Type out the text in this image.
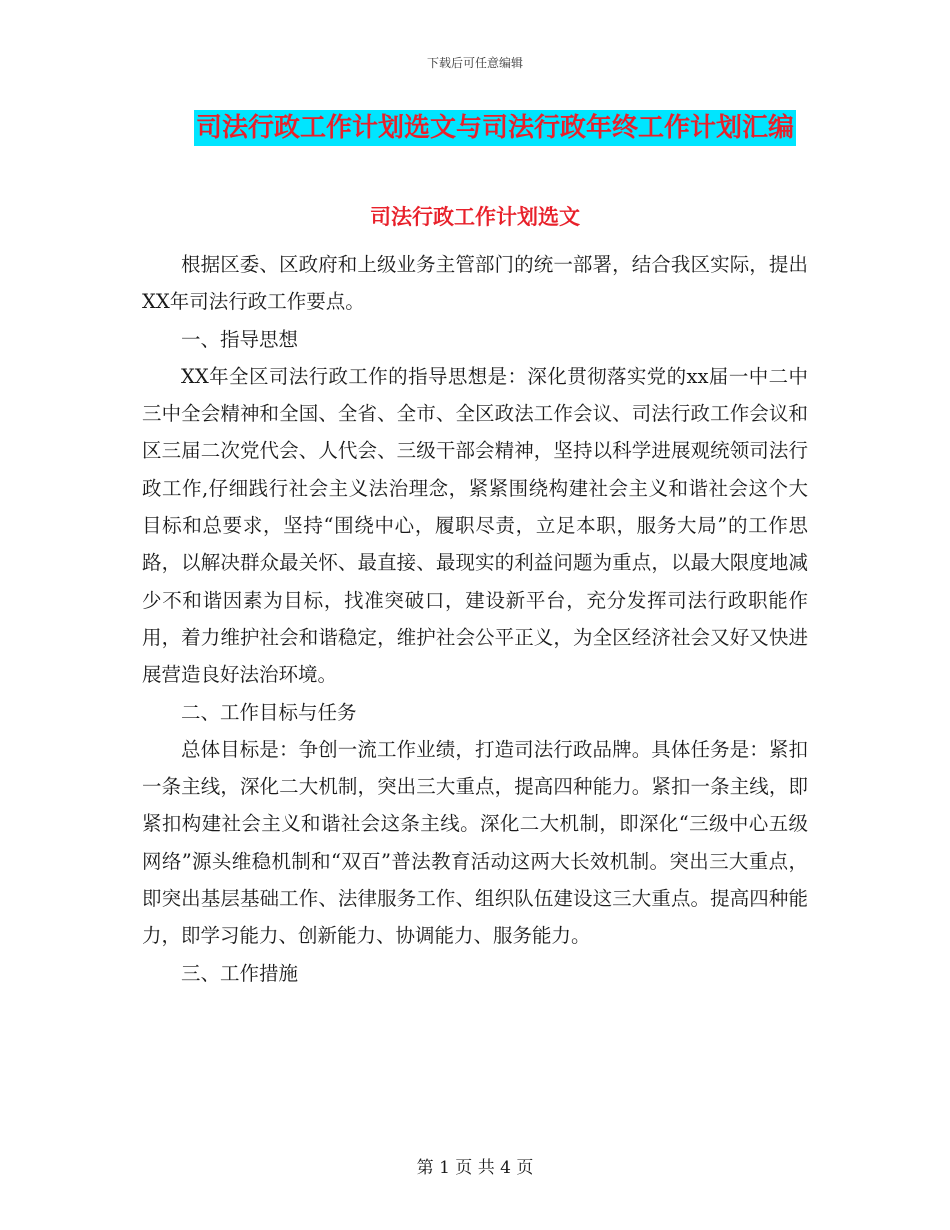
下载后可任意编辑
司法行政工作计划选文与司法行政年终工作计划汇编
司法行政工作计划选文

根据区委、区政府和上级业务主管部门的统一部署，结合我区实际，提出XX年司法行政工作要点。

一、指导思想

XX年全区司法行政工作的指导思想是：深化贯彻落实党的xx届一中二中三中全会精神和全国、全省、全市、全区政法工作会议、司法行政工作会议和区三届二次党代会、人代会、三级干部会精神，坚持以科学进展观统领司法行政工作,仔细践行社会主义法治理念，紧紧围绕构建社会主义和谐社会这个大目标和总要求，坚持“围绕中心，履职尽责，立足本职，服务大局”的工作思路，以解决群众最关怀、最直接、最现实的利益问题为重点，以最大限度地减少不和谐因素为目标，找准突破口，建设新平台，充分发挥司法行政职能作用，着力维护社会和谐稳定，维护社会公平正义，为全区经济社会又好又快进展营造良好法治环境。

二、工作目标与任务

总体目标是：争创一流工作业绩，打造司法行政品牌。具体任务是：紧扣一条主线，深化二大机制，突出三大重点，提高四种能力。紧扣一条主线，即紧扣构建社会主义和谐社会这条主线。深化二大机制，即深化“三级中心五级网络”源头维稳机制和“双百”普法教育活动这两大长效机制。突出三大重点，即突出基层基础工作、法律服务工作、组织队伍建设这三大重点。提高四种能力，即学习能力、创新能力、协调能力、服务能力。

三、工作措施

第 1 页 共 4 页
